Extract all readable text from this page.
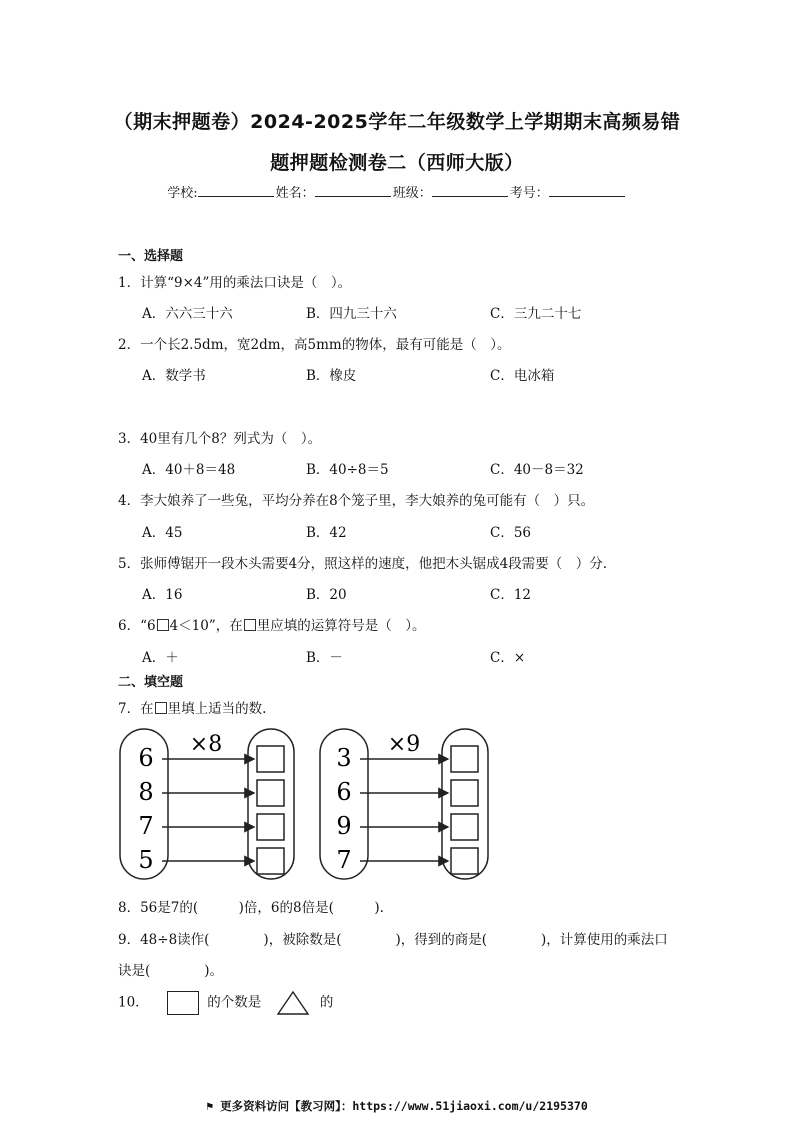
（期末押题卷）2024-2025学年二年级数学上学期期末高频易错
题押题检测卷二（西师大版）
学校:	姓名：	班级：	考号：
一、选择题
1．计算“9×4”用的乘法口诀是（　）。
A．六六三十六	B．四九三十六	C．三九二十七
2．一个长2.5dm，宽2dm，高5mm的物体，最有可能是（　）。
A．数学书	B．橡皮	C．电冰箱
3．40里有几个8？列式为（　）。
A．40＋8＝48	B．40÷8＝5	C．40－8＝32
4．李大娘养了一些兔，平均分养在8个笼子里，李大娘养的兔可能有（　）只。
A．45	B．42	C．56
5．张师傅锯开一段木头需要4分，照这样的速度，他把木头锯成4段需要（　）分.
A．16	B．20	C．12
6．“6 4＜10”，在 里应填的运算符号是（　）。
A．＋	B．－	C．×
二、填空题
7．在 里填上适当的数.
×8
6
8
7
5
×9
3
6
9
7
8．56是7的(　　　)倍，6的8倍是(　　　).
9．48÷8读作(　　　　)，被除数是(　　　　)，得到的商是(　　　　)，计算使用的乘法口
诀是(　　　　)。
10．	的个数是	的
⚑ 更多资料访问【教习网】：https://www.51jiaoxi.com/u/2195370
